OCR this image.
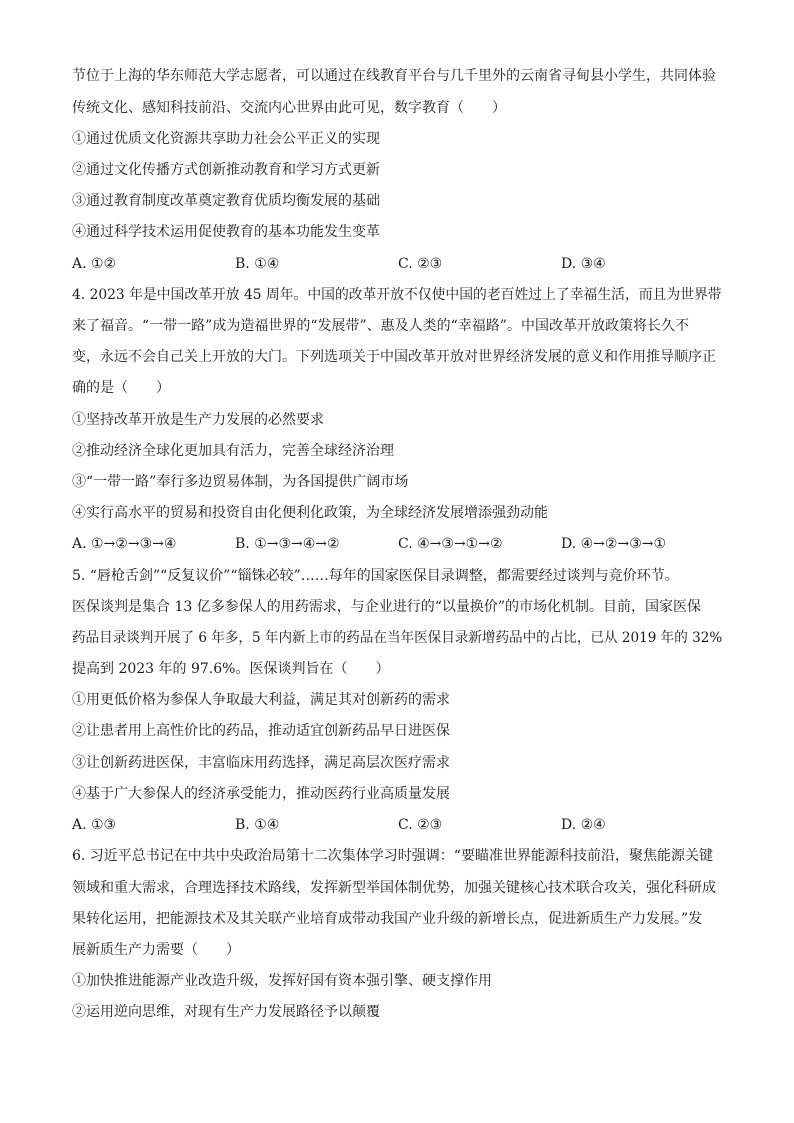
节位于上海的华东师范大学志愿者，可以通过在线教育平台与几千里外的云南省寻甸县小学生，共同体验
传统文化、感知科技前沿、交流内心世界由此可见，数字教育（　　）
①通过优质文化资源共享助力社会公平正义的实现
②通过文化传播方式创新推动教育和学习方式更新
③通过教育制度改革奠定教育优质均衡发展的基础
④通过科学技术运用促使教育的基本功能发生变革
A. ①②	B. ①④	C. ②③	D. ③④
4. 2023 年是中国改革开放 45 周年。中国的改革开放不仅使中国的老百姓过上了幸福生活，而且为世界带
来了福音。“一带一路”成为造福世界的“发展带”、惠及人类的“幸福路”。中国改革开放政策将长久不
变，永远不会自己关上开放的大门。下列选项关于中国改革开放对世界经济发展的意义和作用推导顺序正
确的是（　　）
①坚持改革开放是生产力发展的必然要求
②推动经济全球化更加具有活力，完善全球经济治理
③“一带一路”奉行多边贸易体制，为各国提供广阔市场
④实行高水平的贸易和投资自由化便利化政策，为全球经济发展增添强劲动能
A. ①→②→③→④	B. ①→③→④→②	C. ④→③→①→②	D. ④→②→③→①
5. “唇枪舌剑”“反复议价”“锱铢必较”……每年的国家医保目录调整，都需要经过谈判与竞价环节。
医保谈判是集合 13 亿多参保人的用药需求，与企业进行的“以量换价”的市场化机制。目前，国家医保
药品目录谈判开展了 6 年多，5 年内新上市的药品在当年医保目录新增药品中的占比，已从 2019 年的 32%
提高到 2023 年的 97.6%。医保谈判旨在（　　）
①用更低价格为参保人争取最大利益，满足其对创新药的需求
②让患者用上高性价比的药品，推动适宜创新药品早日进医保
③让创新药进医保，丰富临床用药选择，满足高层次医疗需求
④基于广大参保人的经济承受能力，推动医药行业高质量发展
A. ①③	B. ①④	C. ②③	D. ②④
6. 习近平总书记在中共中央政治局第十二次集体学习时强调：“要瞄准世界能源科技前沿，聚焦能源关键
领域和重大需求，合理选择技术路线，发挥新型举国体制优势，加强关键核心技术联合攻关，强化科研成
果转化运用，把能源技术及其关联产业培育成带动我国产业升级的新增长点，促进新质生产力发展。”发
展新质生产力需要（　　）
①加快推进能源产业改造升级，发挥好国有资本强引擎、硬支撑作用
②运用逆向思维，对现有生产力发展路径予以颠覆
